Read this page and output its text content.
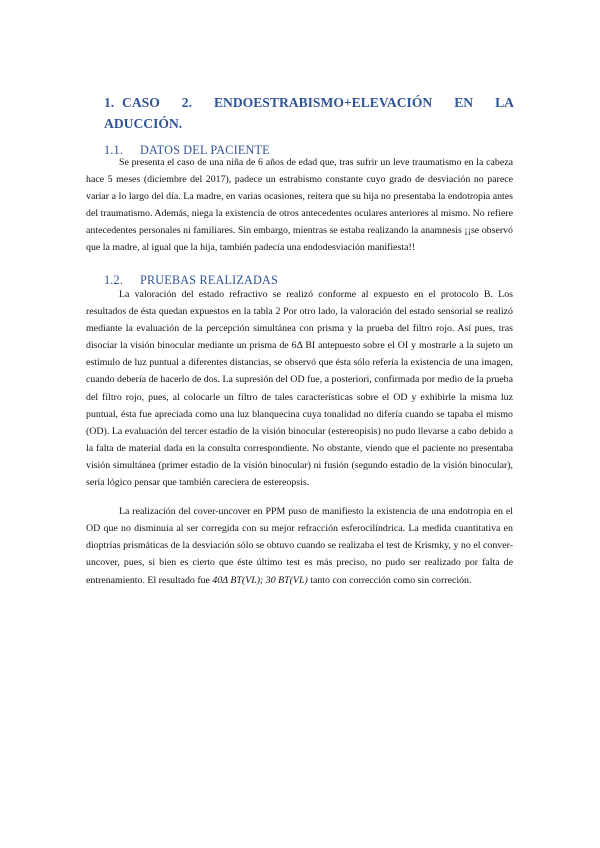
1. CASO 2. ENDOESTRABISMO+ELEVACIÓN EN LA ADUCCIÓN.
1.1. DATOS DEL PACIENTE

Se presenta el caso de una niña de 6 años de edad que, tras sufrir un leve traumatismo en la cabeza hace 5 meses (diciembre del 2017), padece un estrabismo constante cuyo grado de desviación no parece variar a lo largo del día. La madre, en varias ocasiones, reitera que su hija no presentaba la endotropia antes del traumatismo. Además, niega la existencia de otros antecedentes oculares anteriores al mismo. No refiere antecedentes personales ni familiares. Sin embargo, mientras se estaba realizando la anamnesis ¡¡se observó que la madre, al igual que la hija, también padecía una endodesviación manifiesta!!

1.2. PRUEBAS REALIZADAS

La valoración del estado refractivo se realizó conforme al expuesto en el protocolo B. Los resultados de ésta quedan expuestos en la tabla 2 Por otro lado, la valoración del estado sensorial se realizó mediante la evaluación de la percepción simultánea con prisma y la prueba del filtro rojo. Así pues, tras disociar la visión binocular mediante un prisma de 6Δ BI antepuesto sobre el OI y mostrarle a la sujeto un estímulo de luz puntual a diferentes distancias, se observó que ésta sólo refería la existencia de una imagen, cuando debería de hacerlo de dos. La supresión del OD fue, a posteriori, confirmada por medio de la prueba del filtro rojo, pues, al colocarle un filtro de tales características sobre el OD y exhibirle la misma luz puntual, ésta fue apreciada como una luz blanquecina cuya tonalidad no difería cuando se tapaba el mismo (OD). La evaluación del tercer estadio de la visión binocular (estereopisis) no pudo llevarse a cabo debido a la falta de material dada en la consulta correspondiente. No obstante, viendo que el paciente no presentaba visión simultánea (primer estadio de la visión binocular) ni fusión (segundo estadio de la visión binocular), sería lógico pensar que también careciera de estereopsis.

La realización del cover-uncover en PPM puso de manifiesto la existencia de una endotropia en el OD que no disminuía al ser corregida con su mejor refracción esferocilíndrica. La medida cuantitativa en dioptrías prismáticas de la desviación sólo se obtuvo cuando se realizaba el test de Krismky, y no el conver-uncover, pues, si bien es cierto que éste último test es más preciso, no pudo ser realizado por falta de entrenamiento. El resultado fue 40Δ BT(VL); 30 BT(VL) tanto con corrección como sin correción.
